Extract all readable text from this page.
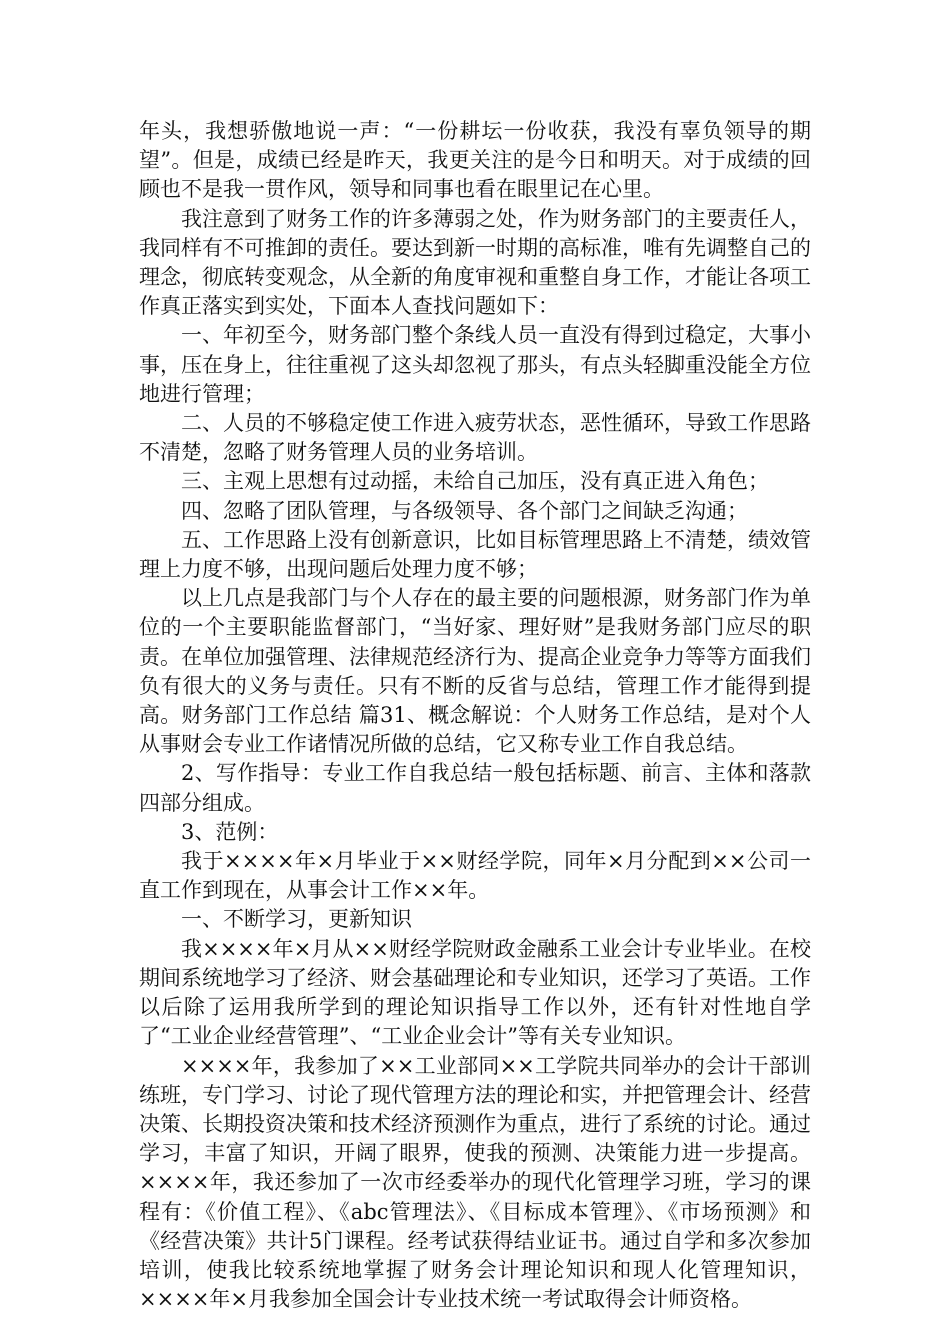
年头，我想骄傲地说一声：“一份耕坛一份收获，我没有辜负领导的期望”。但是，成绩已经是昨天，我更关注的是今日和明天。对于成绩的回顾也不是我一贯作风，领导和同事也看在眼里记在心里。

我注意到了财务工作的许多薄弱之处，作为财务部门的主要责任人，我同样有不可推卸的责任。要达到新一时期的高标准，唯有先调整自己的理念，彻底转变观念，从全新的角度审视和重整自身工作，才能让各项工作真正落实到实处，下面本人查找问题如下：

一、年初至今，财务部门整个条线人员一直没有得到过稳定，大事小事，压在身上，往往重视了这头却忽视了那头，有点头轻脚重没能全方位地进行管理；

二、人员的不够稳定使工作进入疲劳状态，恶性循环，导致工作思路不清楚，忽略了财务管理人员的业务培训。

三、主观上思想有过动摇，未给自己加压，没有真正进入角色；

四、忽略了团队管理，与各级领导、各个部门之间缺乏沟通；

五、工作思路上没有创新意识，比如目标管理思路上不清楚，绩效管理上力度不够，出现问题后处理力度不够；

以上几点是我部门与个人存在的最主要的问题根源，财务部门作为单位的一个主要职能监督部门，“当好家、理好财”是我财务部门应尽的职责。在单位加强管理、法律规范经济行为、提高企业竞争力等等方面我们负有很大的义务与责任。只有不断的反省与总结，管理工作才能得到提高。财务部门工作总结 篇31、概念解说：个人财务工作总结，是对个人从事财会专业工作诸情况所做的总结，它又称专业工作自我总结。

2、写作指导：专业工作自我总结一般包括标题、前言、主体和落款四部分组成。

3、范例：

我于××××年×月毕业于××财经学院，同年×月分配到××公司一直工作到现在，从事会计工作××年。

一、不断学习，更新知识

我××××年×月从××财经学院财政金融系工业会计专业毕业。在校期间系统地学习了经济、财会基础理论和专业知识，还学习了英语。工作以后除了运用我所学到的理论知识指导工作以外，还有针对性地自学了“工业企业经营管理”、“工业企业会计”等有关专业知识。

××××年，我参加了××工业部同××工学院共同举办的会计干部训练班，专门学习、讨论了现代管理方法的理论和实，并把管理会计、经营决策、长期投资决策和技术经济预测作为重点，进行了系统的讨论。通过学习，丰富了知识，开阔了眼界，使我的预测、决策能力进一步提高。××××年，我还参加了一次市经委举办的现代化管理学习班，学习的课程有：《价值工程》、《abc管理法》、《目标成本管理》、《市场预测》和《经营决策》共计5门课程。经考试获得结业证书。通过自学和多次参加培训，使我比较系统地掌握了财务会计理论知识和现人化管理知识，××××年×月我参加全国会计专业技术统一考试取得会计师资格。
